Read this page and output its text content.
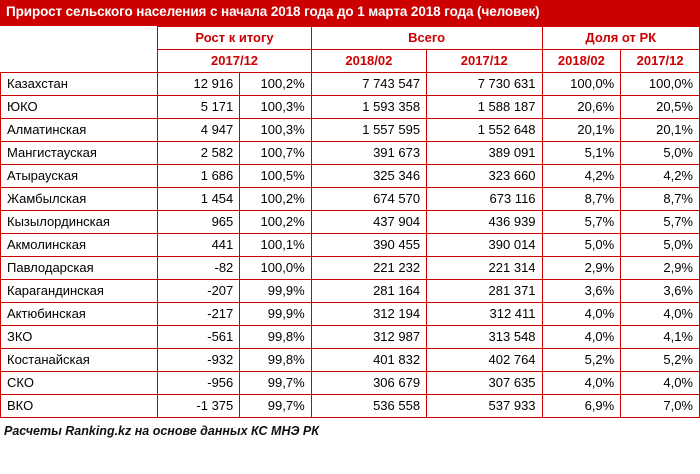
Прирост сельского населения с начала 2018 года до 1 марта 2018 года (человек)
	Рост к итогу		Всего		Доля от РК	
	2017/12		2018/02	2017/12	2018/02	2017/12
Казахстан	12 916	100,2%	7 743 547	7 730 631	100,0%	100,0%
ЮКО	5 171	100,3%	1 593 358	1 588 187	20,6%	20,5%
Алматинская	4 947	100,3%	1 557 595	1 552 648	20,1%	20,1%
Мангистауская	2 582	100,7%	391 673	389 091	5,1%	5,0%
Атырауская	1 686	100,5%	325 346	323 660	4,2%	4,2%
Жамбылская	1 454	100,2%	674 570	673 116	8,7%	8,7%
Кызылординская	965	100,2%	437 904	436 939	5,7%	5,7%
Акмолинская	441	100,1%	390 455	390 014	5,0%	5,0%
Павлодарская	-82	100,0%	221 232	221 314	2,9%	2,9%
Карагандинская	-207	99,9%	281 164	281 371	3,6%	3,6%
Актюбинская	-217	99,9%	312 194	312 411	4,0%	4,0%
ЗКО	-561	99,8%	312 987	313 548	4,0%	4,1%
Костанайская	-932	99,8%	401 832	402 764	5,2%	5,2%
СКО	-956	99,7%	306 679	307 635	4,0%	4,0%
ВКО	-1 375	99,7%	536 558	537 933	6,9%	7,0%
Расчеты Ranking.kz на основе данных КС МНЭ РК
